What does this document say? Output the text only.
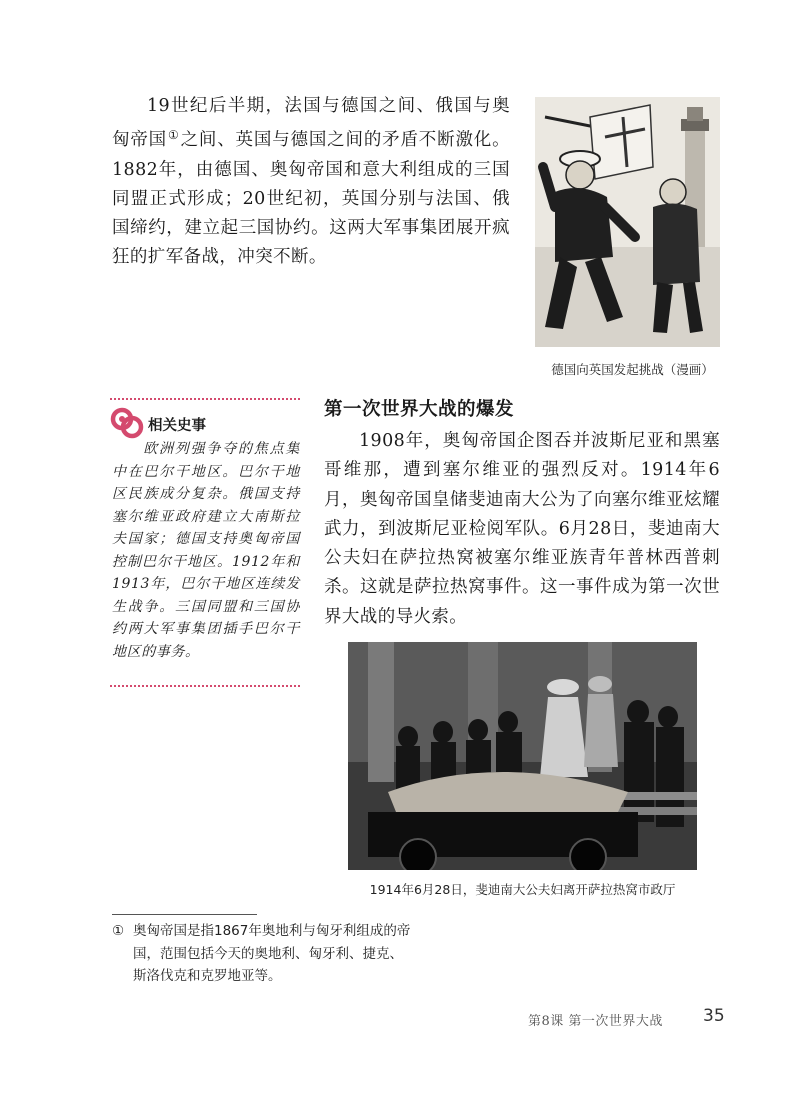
19世纪后半期，法国与德国之间、俄国与奥匈帝国①之间、英国与德国之间的矛盾不断激化。1882年，由德国、奥匈帝国和意大利组成的三国同盟正式形成；20世纪初，英国分别与法国、俄国缔约，建立起三国协约。这两大军事集团展开疯狂的扩军备战，冲突不断。

德国向英国发起挑战（漫画）
相关史事
欧洲列强争夺的焦点集中在巴尔干地区。巴尔干地区民族成分复杂。俄国支持塞尔维亚政府建立大南斯拉夫国家；德国支持奥匈帝国控制巴尔干地区。1912年和1913年，巴尔干地区连续发生战争。三国同盟和三国协约两大军事集团插手巴尔干地区的事务。
第一次世界大战的爆发

1908年，奥匈帝国企图吞并波斯尼亚和黑塞哥维那，遭到塞尔维亚的强烈反对。1914年6月，奥匈帝国皇储斐迪南大公为了向塞尔维亚炫耀武力，到波斯尼亚检阅军队。6月28日，斐迪南大公夫妇在萨拉热窝被塞尔维亚族青年普林西普刺杀。这就是萨拉热窝事件。这一事件成为第一次世界大战的导火索。

1914年6月28日，斐迪南大公夫妇离开萨拉热窝市政厅
① 奥匈帝国是指1867年奥地利与匈牙利组成的帝国，范围包括今天的奥地利、匈牙利、捷克、斯洛伐克和克罗地亚等。
第8课 第一次世界大战 35
